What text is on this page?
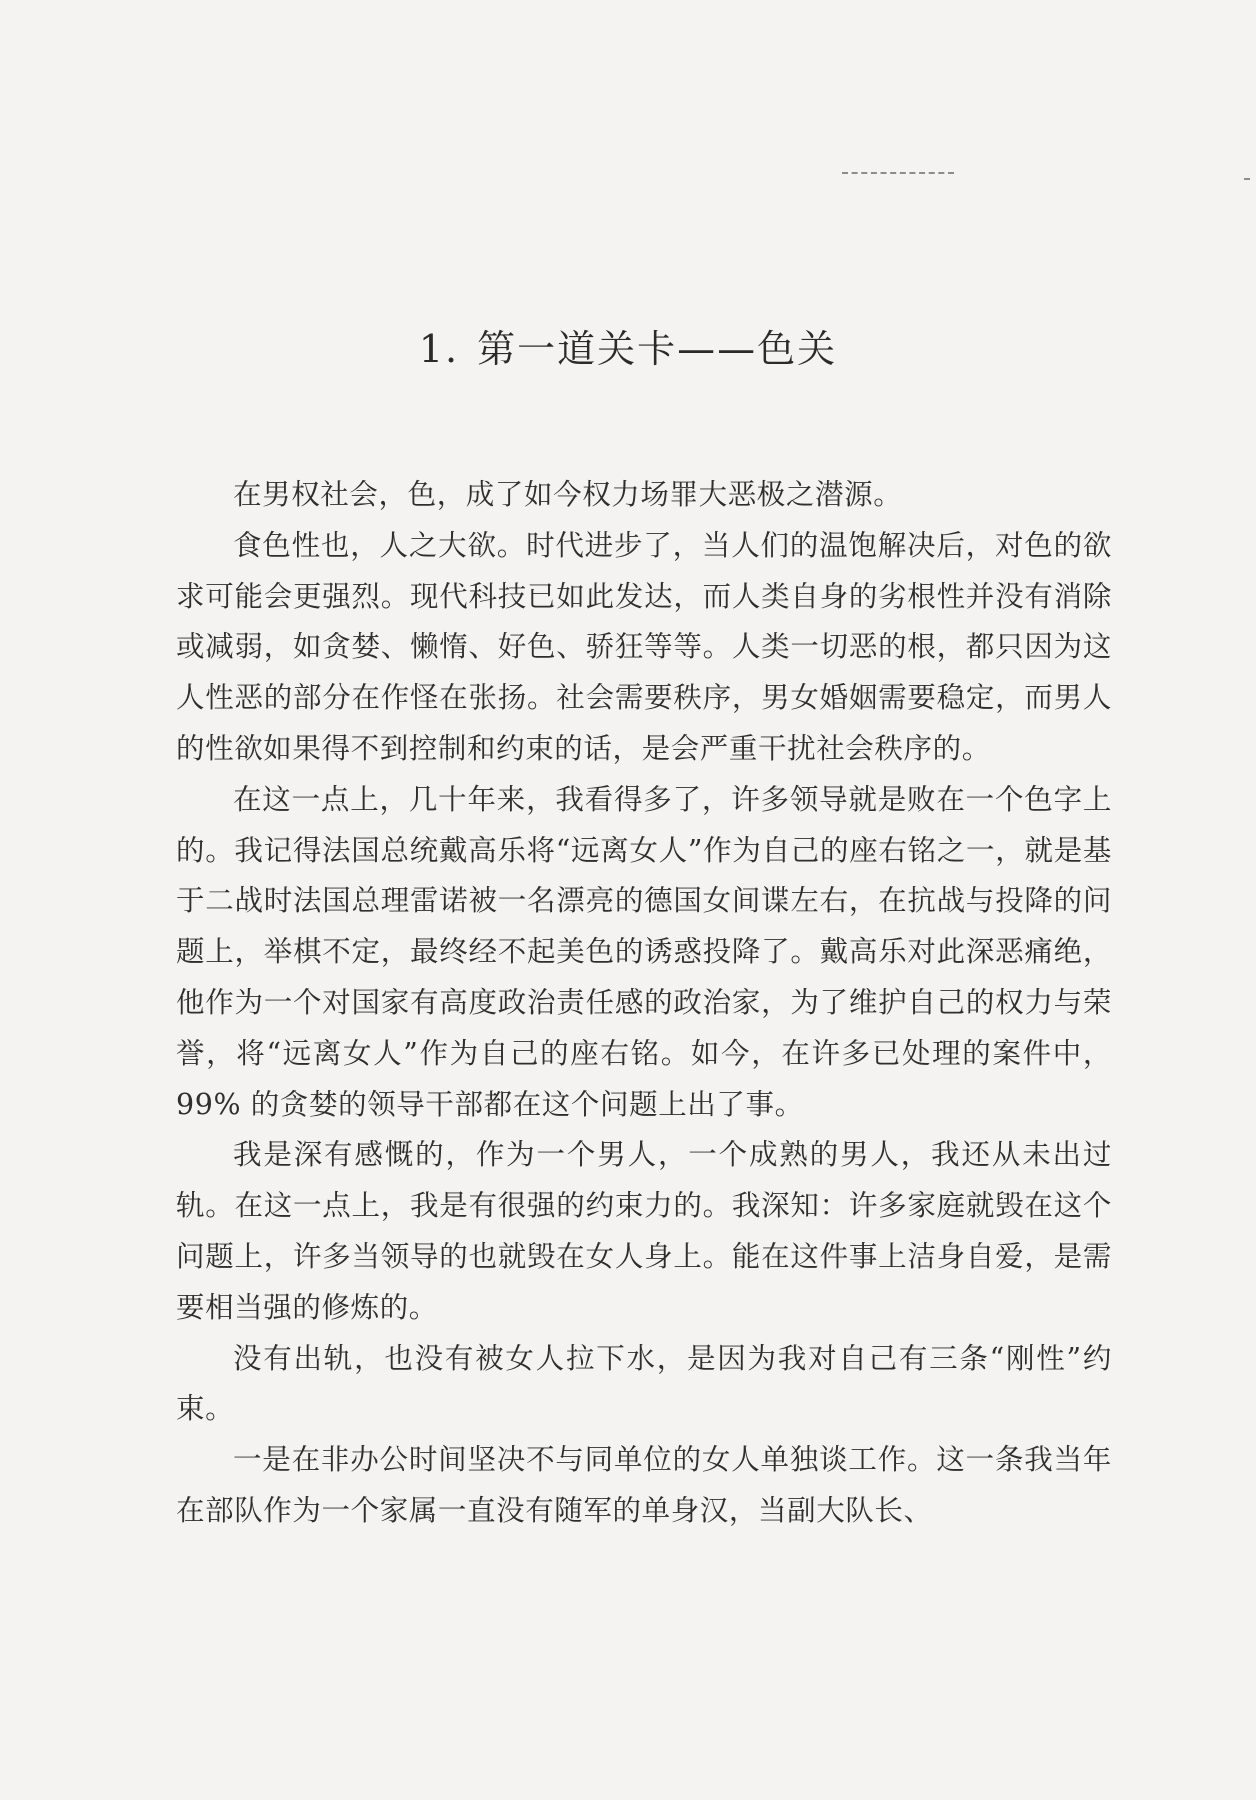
1. 第一道关卡——色关

在男权社会，色，成了如今权力场罪大恶极之潜源。

食色性也，人之大欲。时代进步了，当人们的温饱解决后，对色的欲求可能会更强烈。现代科技已如此发达，而人类自身的劣根性并没有消除或减弱，如贪婪、懒惰、好色、骄狂等等。人类一切恶的根，都只因为这人性恶的部分在作怪在张扬。社会需要秩序，男女婚姻需要稳定，而男人的性欲如果得不到控制和约束的话，是会严重干扰社会秩序的。

在这一点上，几十年来，我看得多了，许多领导就是败在一个色字上的。我记得法国总统戴高乐将“远离女人”作为自己的座右铭之一，就是基于二战时法国总理雷诺被一名漂亮的德国女间谍左右，在抗战与投降的问题上，举棋不定，最终经不起美色的诱惑投降了。戴高乐对此深恶痛绝，他作为一个对国家有高度政治责任感的政治家，为了维护自己的权力与荣誉，将“远离女人”作为自己的座右铭。如今，在许多已处理的案件中，99% 的贪婪的领导干部都在这个问题上出了事。

我是深有感慨的，作为一个男人，一个成熟的男人，我还从未出过轨。在这一点上，我是有很强的约束力的。我深知：许多家庭就毁在这个问题上，许多当领导的也就毁在女人身上。能在这件事上洁身自爱，是需要相当强的修炼的。

没有出轨，也没有被女人拉下水，是因为我对自己有三条“刚性”约束。

一是在非办公时间坚决不与同单位的女人单独谈工作。这一条我当年在部队作为一个家属一直没有随军的单身汉，当副大队长、
